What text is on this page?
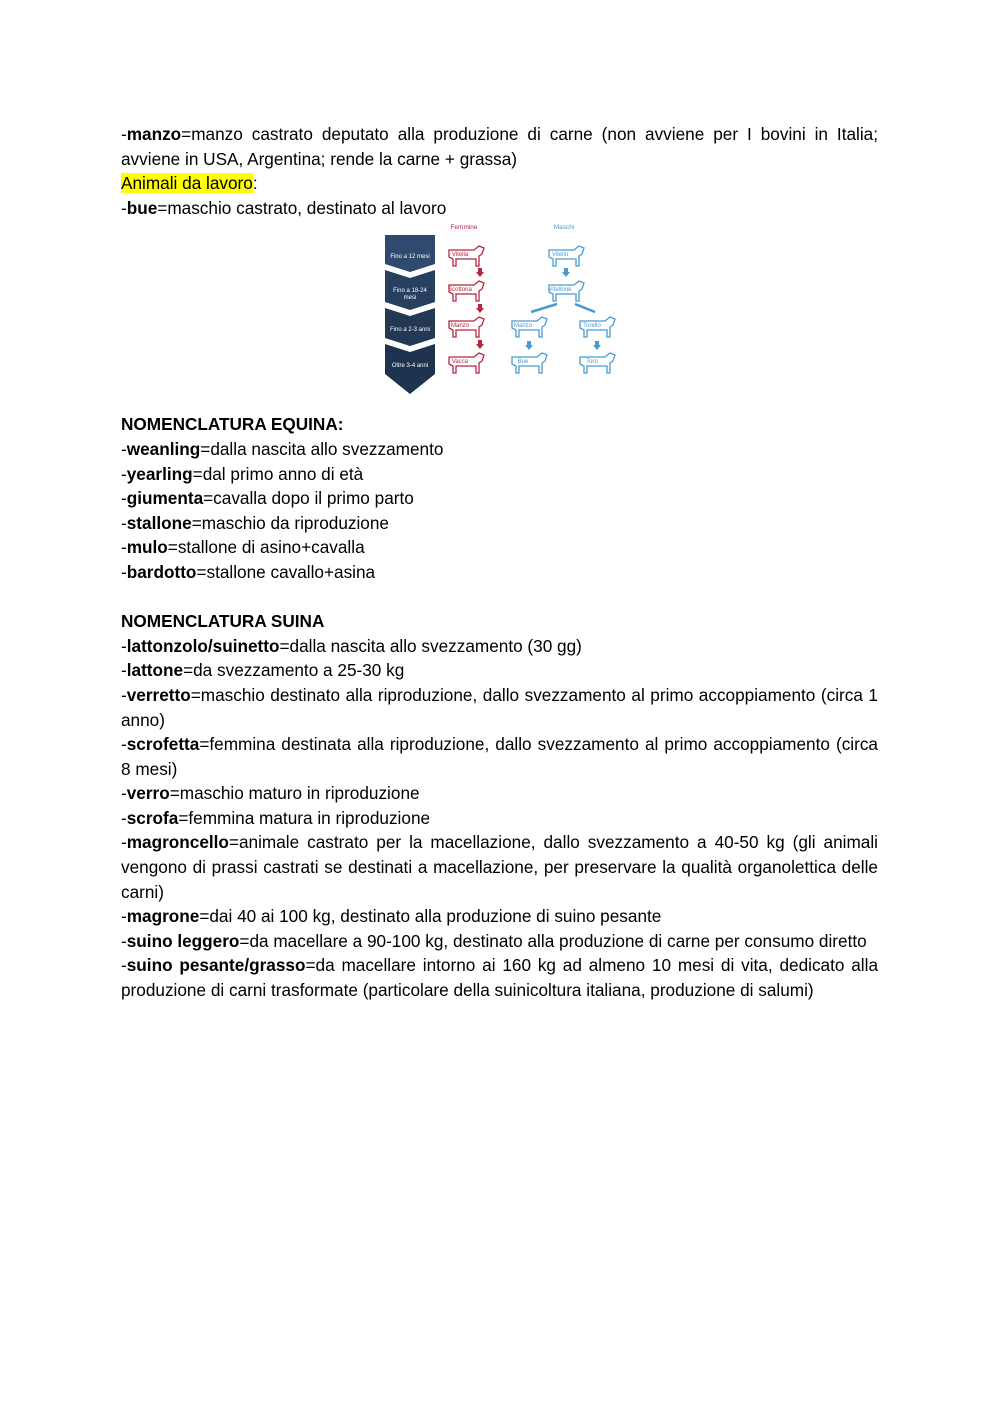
-manzo=manzo castrato deputato alla produzione di carne (non avviene per I bovini in Italia; avviene in USA, Argentina; rende la carne + grassa)

Animali da lavoro:

-bue=maschio castrato, destinato al lavoro

Femmine	Maschi
Fino a 12 mesi
Fino a 18-24
mesi
Fino a 2-3 anni
Oltre 3-4 anni
Vitella
Scottona
Manzo
Vacca
Vitello
Vitellone
Manzo	Torello
Bue	Toro

NOMENCLATURA EQUINA:

-weanling=dalla nascita allo svezzamento

-yearling=dal primo anno di età

-giumenta=cavalla dopo il primo parto

-stallone=maschio da riproduzione

-mulo=stallone di asino+cavalla

-bardotto=stallone cavallo+asina

NOMENCLATURA SUINA

-lattonzolo/suinetto=dalla nascita allo svezzamento (30 gg)

-lattone=da svezzamento a 25-30 kg

-verretto=maschio destinato alla riproduzione, dallo svezzamento al primo accoppiamento (circa 1 anno)

-scrofetta=femmina destinata alla riproduzione, dallo svezzamento al primo accoppiamento (circa 8 mesi)

-verro=maschio maturo in riproduzione

-scrofa=femmina matura in riproduzione

-magroncello=animale castrato per la macellazione, dallo svezzamento a 40-50 kg (gli animali vengono di prassi castrati se destinati a macellazione, per preservare la qualità organolettica delle carni)

-magrone=dai 40 ai 100 kg, destinato alla produzione di suino pesante

-suino leggero=da macellare a 90-100 kg, destinato alla produzione di carne per consumo diretto

-suino pesante/grasso=da macellare intorno ai 160 kg ad almeno 10 mesi di vita, dedicato alla produzione di carni trasformate (particolare della suinicoltura italiana, produzione di salumi)
